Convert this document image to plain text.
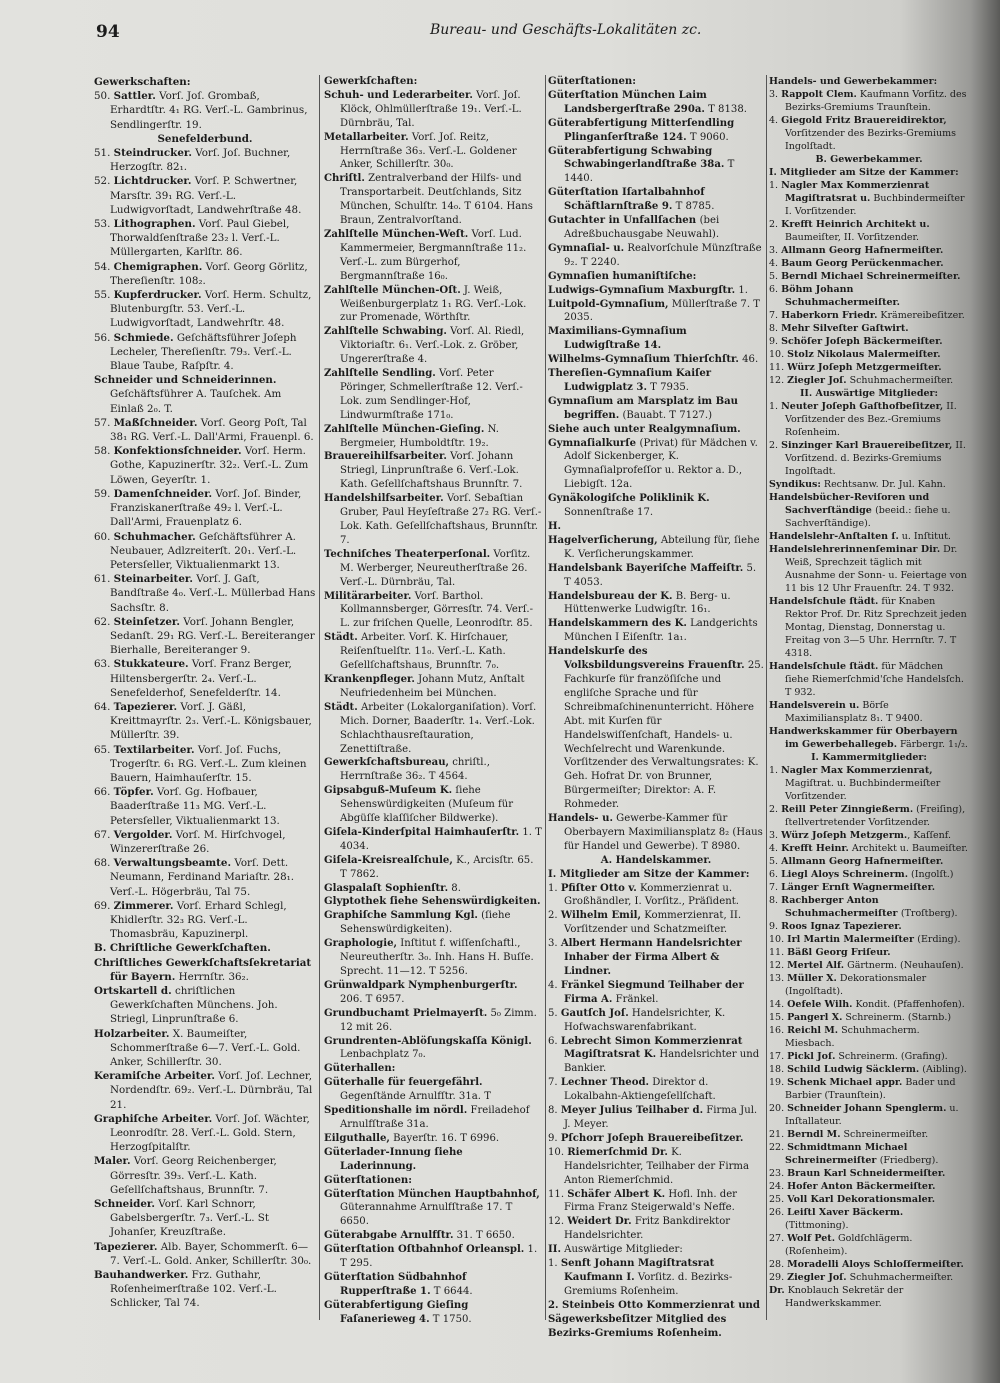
94	Bureau- und Geschäfts-Lokalitäten zc.

Gewerkschaften:

50. Sattler. Vorſ. Joſ. Grombaß, Erhardtſtr. 4₁ RG. Verſ.-L. Gambrinus, Sendlingerſtr. 19.

Senefelderbund.

51. Steindrucker. Vorſ. Joſ. Buchner, Herzogſtr. 82₁.

52. Lichtdrucker. Vorſ. P. Schwertner, Marsſtr. 39₁ RG. Verſ.-L. Ludwigvorſtadt, Landwehrſtraße 48.

53. Lithographen. Vorſ. Paul Giebel, Thorwaldſenſtraße 23₂ l. Verſ.-L. Müllergarten, Karlſtr. 86.

54. Chemigraphen. Vorſ. Georg Görlitz, Thereſienſtr. 108₂.

55. Kupferdrucker. Vorſ. Herm. Schultz, Blutenburgſtr. 53. Verſ.-L. Ludwigvorſtadt, Landwehrſtr. 48.

56. Schmiede. Geſchäftsführer Joſeph Lecheler, Thereſienſtr. 79₃. Verſ.-L. Blaue Taube, Raſpſtr. 4.

Schneider und Schneiderinnen. Geſchäftsführer A. Tauſchek. Am Einlaß 2₀. T.

57. Maßſchneider. Vorſ. Georg Poſt, Tal 38₁ RG. Verſ.-L. Dall'Armi, Frauenpl. 6.

58. Konfektionsſchneider. Vorſ. Herm. Gothe, Kapuzinerſtr. 32₂. Verſ.-L. Zum Löwen, Geyerſtr. 1.

59. Damenſchneider. Vorſ. Joſ. Binder, Franziskanerſtraße 49₂ l. Verſ.-L. Dall'Armi, Frauenplatz 6.

60. Schuhmacher. Geſchäftsführer A. Neubauer, Adlzreiterſt. 20₁. Verſ.-L. Petersſeller, Viktualienmarkt 13.

61. Steinarbeiter. Vorſ. J. Gaſt, Bandſtraße 4₀. Verſ.-L. Müllerbad Hans Sachsſtr. 8.

62. Steinſetzer. Vorſ. Johann Bengler, Sedanſt. 29₁ RG. Verſ.-L. Bereiteranger Bierhalle, Bereiteranger 9.

63. Stukkateure. Vorſ. Franz Berger, Hiltensbergerſtr. 2₄. Verſ.-L. Senefelderhof, Senefelderſtr. 14.

64. Tapezierer. Vorſ. J. Gäßl, Kreittmayrſtr. 2₃. Verſ.-L. Königsbauer, Müllerſtr. 39.

65. Textilarbeiter. Vorſ. Joſ. Fuchs, Trogerſtr. 6₁ RG. Verſ.-L. Zum kleinen Bauern, Haimhauſerſtr. 15.

66. Töpfer. Vorſ. Gg. Hofbauer, Baaderſtraße 11₃ MG. Verſ.-L. Petersſeller, Viktualienmarkt 13.

67. Vergolder. Vorſ. M. Hirſchvogel, Winzererſtraße 26.

68. Verwaltungsbeamte. Vorſ. Dett. Neumann, Ferdinand Mariaſtr. 28₁. Verſ.-L. Högerbräu, Tal 75.

69. Zimmerer. Vorſ. Erhard Schlegl, Khidlerſtr. 32₃ RG. Verſ.-L. Thomasbräu, Kapuzinerpl.

B. Chriſtliche Gewerkſchaften.

Chriſtliches Gewerkſchaftsſekretariat für Bayern. Herrnſtr. 36₂.

Ortskartell d. chriſtlichen Gewerkſchaften Münchens. Joh. Striegl, Linprunſtraße 6.

Holzarbeiter. X. Baumeiſter, Schommerſtraße 6—7. Verſ.-L. Gold. Anker, Schillerſtr. 30.

Keramiſche Arbeiter. Vorſ. Joſ. Lechner, Nordendſtr. 69₂. Verſ.-L. Dürnbräu, Tal 21.

Graphiſche Arbeiter. Vorſ. Joſ. Wächter, Leonrodſtr. 28. Verſ.-L. Gold. Stern, Herzogſpitalſtr.

Maler. Vorſ. Georg Reichenberger, Görresſtr. 39₃. Verſ.-L. Kath. Geſellſchaftshaus, Brunnſtr. 7.

Schneider. Vorſ. Karl Schnorr, Gabelsbergerſtr. 7₃. Verſ.-L. St Johanſer, Kreuzſtraße.

Tapezierer. Alb. Bayer, Schommerſt. 6—7. Verſ.-L. Gold. Anker, Schillerſtr. 30₀.

Bauhandwerker. Frz. Guthahr, Roſenheimerſtraße 102. Verſ.-L. Schlicker, Tal 74.

Gewerkſchaften:

Schuh- und Lederarbeiter. Vorſ. Joſ. Klöck, Ohlmüllerſtraße 19₁. Verſ.-L. Dürnbräu, Tal.

Metallarbeiter. Vorſ. Joſ. Reitz, Herrnſtraße 36₃. Verſ.-L. Goldener Anker, Schillerſtr. 30₀.

Chriſtl. Zentralverband der Hilfs- und Transportarbeit. Deutſchlands, Sitz München, Schulſtr. 14₀. T 6104. Hans Braun, Zentralvorſtand.

Zahlſtelle München-Weſt. Vorſ. Lud. Kammermeier, Bergmannſtraße 11₂. Verſ.-L. zum Bürgerhof, Bergmannſtraße 16₀.

Zahlſtelle München-Oſt. J. Weiß, Weißenburgerplatz 1₁ RG. Verſ.-Lok. zur Promenade, Wörthſtr.

Zahlſtelle Schwabing. Vorſ. Al. Riedl, Viktoriaſtr. 6₁. Verſ.-Lok. z. Gröber, Ungererſtraße 4.

Zahlſtelle Sendling. Vorſ. Peter Pöringer, Schmellerſtraße 12. Verſ.-Lok. zum Sendlinger-Hof, Lindwurmſtraße 171₀.

Zahlſtelle München-Gieſing. N. Bergmeier, Humboldtſtr. 19₂.

Brauereihilfsarbeiter. Vorſ. Johann Striegl, Linprunſtraße 6. Verſ.-Lok. Kath. Geſellſchaftshaus Brunnſtr. 7.

Handelshilfsarbeiter. Vorſ. Sebaſtian Gruber, Paul Heyſeſtraße 27₂ RG. Verſ.-Lok. Kath. Geſellſchaftshaus, Brunnſtr. 7.

Techniſches Theaterperſonal. Vorſitz. M. Werberger, Neureutherſtraße 26. Verſ.-L. Dürnbräu, Tal.

Militärarbeiter. Vorſ. Barthol. Kollmannsberger, Görresſtr. 74. Verſ.-L. zur friſchen Quelle, Leonrodſtr. 85.

Städt. Arbeiter. Vorſ. K. Hirſchauer, Reiſenſtuelſtr. 11₀. Verſ.-L. Kath. Geſellſchaftshaus, Brunnſtr. 7₀.

Krankenpfleger. Johann Mutz, Anſtalt Neufriedenheim bei München.

Städt. Arbeiter (Lokalorganiſation). Vorſ. Mich. Dorner, Baaderſtr. 1₄. Verſ.-Lok. Schlachthausreſtauration, Zenettiſtraße.

Gewerkſchaftsbureau, chriſtl., Herrnſtraße 36₂. T 4564.

Gipsabguß-Muſeum K. ſiehe Sehenswürdigkeiten (Muſeum für Abgüſſe klaſſiſcher Bildwerke).

Giſela-Kinderſpital Haimhauſerſtr. 1. T 4034.

Giſela-Kreisrealſchule, K., Arcisſtr. 65. T 7862.

Glaspalaſt Sophienſtr. 8.

Glyptothek ſiehe Sehenswürdigkeiten.

Graphiſche Sammlung Kgl. (ſiehe Sehenswürdigkeiten).

Graphologie, Inſtitut f. wiſſenſchaftl., Neureutherſtr. 3₀. Inh. Hans H. Buſſe. Sprecht. 11—12. T 5256.

Grünwaldpark Nymphenburgerſtr. 206. T 6957.

Grundbuchamt Prielmayerſt. 5₀ Zimm. 12 mit 26.

Grundrenten-Ablöſungskaſſa Königl. Lenbachplatz 7₀.

Güterhallen:

Güterhalle für feuergefährl. Gegenſtände Arnulfſtr. 31a. T

Speditionshalle im nördl. Freiladehof Arnulfſtraße 31a.

Eilguthalle, Bayerſtr. 16. T 6996.

Güterlader-Innung ſiehe Laderinnung.

Güterſtationen:

Güterſtation München Hauptbahnhof, Güterannahme Arnulfſtraße 17. T 6650.

Güterabgabe Arnulfſtr. 31. T 6650.

Güterſtation Oſtbahnhof Orleanspl. 1. T 295.

Güterſtation Südbahnhof Rupperſtraße 1. T 6644.

Güterabfertigung Gieſing Faſanerieweg 4. T 1750.

Güterſtationen:

Güterſtation München Laim Landsbergerſtraße 290a. T 8138.

Güterabfertigung Mitterſendling Plinganſerſtraße 124. T 9060.

Güterabfertigung Schwabing Schwabingerlandſtraße 38a. T 1440.

Güterſtation Iſartalbahnhof Schäftlarnſtraße 9. T 8785.

Gutachter in Unfallſachen (bei Adreßbuchausgabe Neuwahl).

Gymnaſial- u. Realvorſchule Münzſtraße 9₂. T 2240.

Gymnaſien humaniſtiſche:

Ludwigs-Gymnaſium Maxburgſtr. 1.

Luitpold-Gymnaſium, Müllerſtraße 7. T 2035.

Maximilians-Gymnaſium Ludwigſtraße 14.

Wilhelms-Gymnaſium Thierſchſtr. 46.

Thereſien-Gymnaſium Kaiſer Ludwigplatz 3. T 7935.

Gymnaſium am Marsplatz im Bau begriffen. (Bauabt. T 7127.)

Siehe auch unter Realgymnaſium.

Gymnaſialkurſe (Privat) für Mädchen v. Adolf Sickenberger, K. Gymnaſialprofeſſor u. Rektor a. D., Liebigſt. 12a.

Gynäkologiſche Poliklinik K. Sonnenſtraße 17.

H.

Hagelverſicherung, Abteilung für, ſiehe K. Verſicherungskammer.

Handelsbank Bayeriſche Maffeiſtr. 5. T 4053.

Handelsbureau der K. B. Berg- u. Hüttenwerke Ludwigſtr. 16₁.

Handelskammern des K. Landgerichts München I Eiſenſtr. 1a₁.

Handelskurſe des Volksbildungsvereins Frauenſtr. 25. Fachkurſe für franzöſiſche und engliſche Sprache und für Schreibmaſchinenunterricht. Höhere Abt. mit Kurſen für Handelswiſſenſchaft, Handels- u. Wechſelrecht und Warenkunde. Vorſitzender des Verwaltungsrates: K. Geh. Hofrat Dr. von Brunner, Bürgermeiſter; Direktor: A. F. Rohmeder.

Handels- u. Gewerbe-Kammer für Oberbayern Maximiliansplatz 8₂ (Haus für Handel und Gewerbe). T 8980.

A. Handelskammer.

I. Mitglieder am Sitze der Kammer:

1. Pfiſter Otto v. Kommerzienrat u. Großhändler, I. Vorſitz., Präſident.

2. Wilhelm Emil, Kommerzienrat, II. Vorſitzender und Schatzmeiſter.

3. Albert Hermann Handelsrichter Inhaber der Firma Albert & Lindner.

4. Fränkel Siegmund Teilhaber der Firma A. Fränkel.

5. Gautſch Joſ. Handelsrichter, K. Hofwachswarenfabrikant.

6. Lebrecht Simon Kommerzienrat Magiſtratsrat K. Handelsrichter und Bankier.

7. Lechner Theod. Direktor d. Lokalbahn-Aktiengeſellſchaft.

8. Meyer Julius Teilhaber d. Firma Jul. J. Meyer.

9. Pſchorr Joſeph Brauereibeſitzer.

10. Riemerſchmid Dr. K. Handelsrichter, Teilhaber der Firma Anton Riemerſchmid.

11. Schäfer Albert K. Hofl. Inh. der Firma Franz Steigerwald's Neffe.

12. Weidert Dr. Fritz Bankdirektor Handelsrichter.

II. Auswärtige Mitglieder:

1. Senft Johann Magiſtratsrat Kaufmann I. Vorſitz. d. Bezirks-Gremiums Roſenheim.

2. Steinbeis Otto Kommerzienrat und Sägewerksbeſitzer Mitglied des Bezirks-Gremiums Roſenheim.

Handels- und Gewerbekammer:

3. Rappolt Clem. Kaufmann Vorſitz. des Bezirks-Gremiums Traunſtein.

4. Giegold Fritz Brauereidirektor, Vorſitzender des Bezirks-Gremiums Ingolſtadt.

B. Gewerbekammer.

I. Mitglieder am Sitze der Kammer:

1. Nagler Max Kommerzienrat Magiſtratsrat u. Buchbindermeiſter I. Vorſitzender.

2. Krefft Heinrich Architekt u. Baumeiſter, II. Vorſitzender.

3. Allmann Georg Hafnermeiſter.

4. Baum Georg Perückenmacher.

5. Berndl Michael Schreinermeiſter.

6. Böhm Johann Schuhmachermeiſter.

7. Haberkorn Friedr. Krämereibeſitzer.

8. Mehr Silveſter Gaſtwirt.

9. Schöſer Joſeph Bäckermeiſter.

10. Stolz Nikolaus Malermeiſter.

11. Würz Joſeph Metzgermeiſter.

12. Ziegler Joſ. Schuhmachermeiſter.

II. Auswärtige Mitglieder:

1. Neuter Joſeph Gaſthofbeſitzer, II. Vorſitzender des Bez.-Gremiums Roſenheim.

2. Sinzinger Karl Brauereibeſitzer, II. Vorſitzend. d. Bezirks-Gremiums Ingolſtadt.

Syndikus: Rechtsanw. Dr. Jul. Kahn.

Handelsbücher-Reviſoren und Sachverſtändige (beeid.: ſiehe u. Sachverſtändige).

Handelslehr-Anſtalten ſ. u. Inſtitut.

Handelslehrerinnenſeminar Dir. Dr. Weiß, Sprechzeit täglich mit Ausnahme der Sonn- u. Feiertage von 11 bis 12 Uhr Frauenſtr. 24. T 932.

Handelsſchule ſtädt. für Knaben Rektor Prof. Dr. Ritz Sprechzeit jeden Montag, Dienstag, Donnerstag u. Freitag von 3—5 Uhr. Herrnſtr. 7. T 4318.

Handelsſchule ſtädt. für Mädchen ſiehe Riemerſchmid'ſche Handelsſch. T 932.

Handelsverein u. Börſe Maximiliansplatz 8₁. T 9400.

Handwerkskammer für Oberbayern im Gewerbehallegeb. Färbergr. 1₁/₂.

I. Kammermitglieder:

1. Nagler Max Kommerzienrat, Magiſtrat. u. Buchbindermeiſter Vorſitzender.

2. Reill Peter Zinngießerm. (Freiſing), ſtellvertretender Vorſitzender.

3. Würz Joſeph Metzgerm., Kaſſenf.

4. Krefft Heinr. Architekt u. Baumeiſter.

5. Allmann Georg Hafnermeiſter.

6. Liegl Aloys Schreinerm. (Ingolſt.)

7. Länger Ernſt Wagnermeiſter.

8. Rachberger Anton Schuhmachermeiſter (Troſtberg).

9. Roos Ignaz Tapezierer.

10. Irl Martin Malermeiſter (Erding).

11. Bäßl Georg Friſeur.

12. Mertel Alf. Gärtnerm. (Neuhauſen).

13. Müller X. Dekorationsmaler (Ingolſtadt).

14. Oefele Wilh. Kondit. (Pfaffenhofen).

15. Pangerl X. Schreinerm. (Starnb.)

16. Reichl M. Schuhmacherm. Miesbach.

17. Pickl Joſ. Schreinerm. (Grafing).

18. Schild Ludwig Säcklerm. (Aibling).

19. Schenk Michael appr. Bader und Barbier (Traunſtein).

20. Schneider Johann Spenglerm. u. Inſtallateur.

21. Berndl M. Schreinermeiſter.

22. Schmidtmann Michael Schreinermeiſter (Friedberg).

23. Braun Karl Schneidermeiſter.

24. Hofer Anton Bäckermeiſter.

25. Voll Karl Dekorationsmaler.

26. Leiſtl Xaver Bäckerm. (Tittmoning).

27. Wolf Pet. Goldſchlägerm. (Roſenheim).

28. Moradelli Aloys Schloſſermeiſter.

29. Ziegler Joſ. Schuhmachermeiſter.

Dr. Knoblauch Sekretär der Handwerkskammer.
